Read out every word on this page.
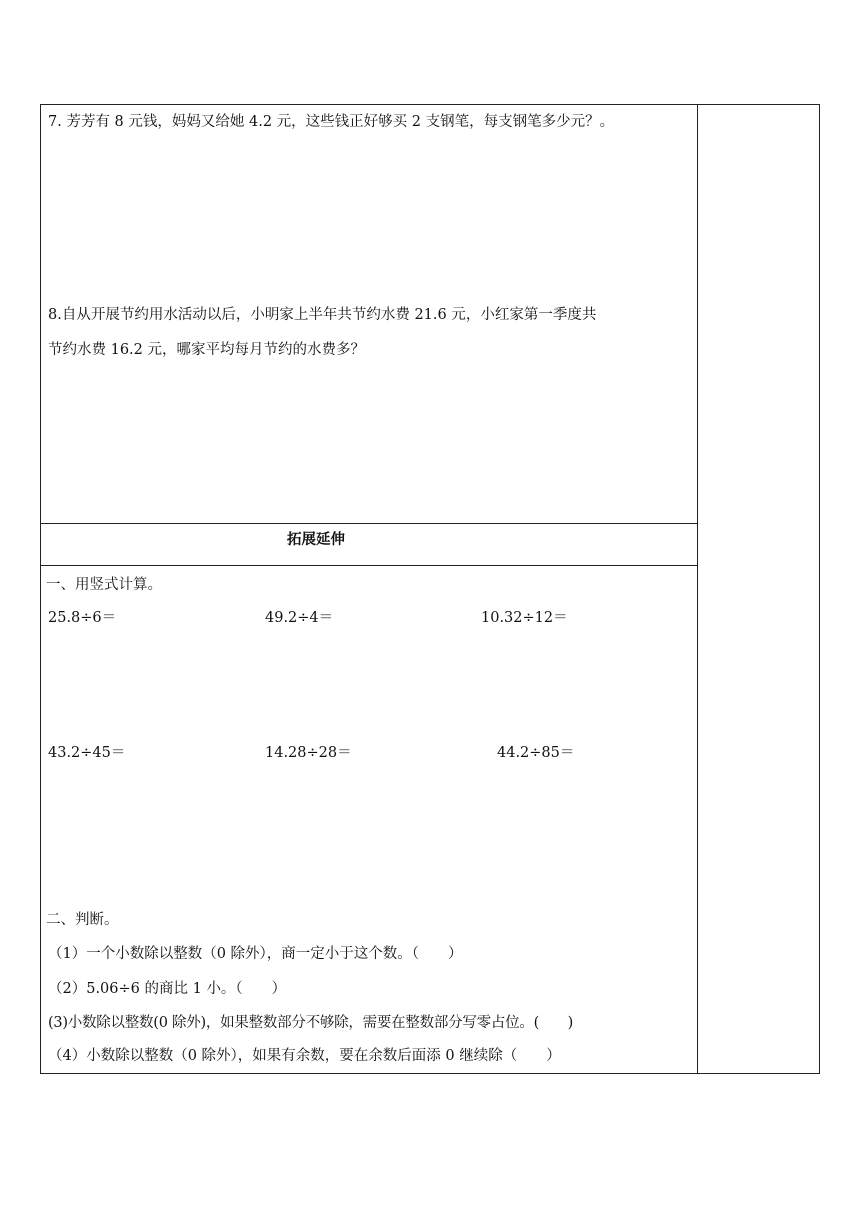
7. 芳芳有 8 元钱，妈妈又给她 4.2 元，这些钱正好够买 2 支钢笔，每支钢笔多少元？。
8.自从开展节约用水活动以后，小明家上半年共节约水费 21.6 元，小红家第一季度共
节约水费 16.2 元，哪家平均每月节约的水费多？
拓展延伸
一、用竖式计算。
25.8÷6＝	49.2÷4＝	10.32÷12＝
43.2÷45＝	14.28÷28＝	44.2÷85＝
二、判断。
（1）一个小数除以整数（0 除外），商一定小于这个数。（　　）
（2）5.06÷6 的商比 1 小。（　　）
(3)小数除以整数(0 除外)，如果整数部分不够除，需要在整数部分写零占位。(　　)
（4）小数除以整数（0 除外），如果有余数，要在余数后面添 0 继续除（　　）
